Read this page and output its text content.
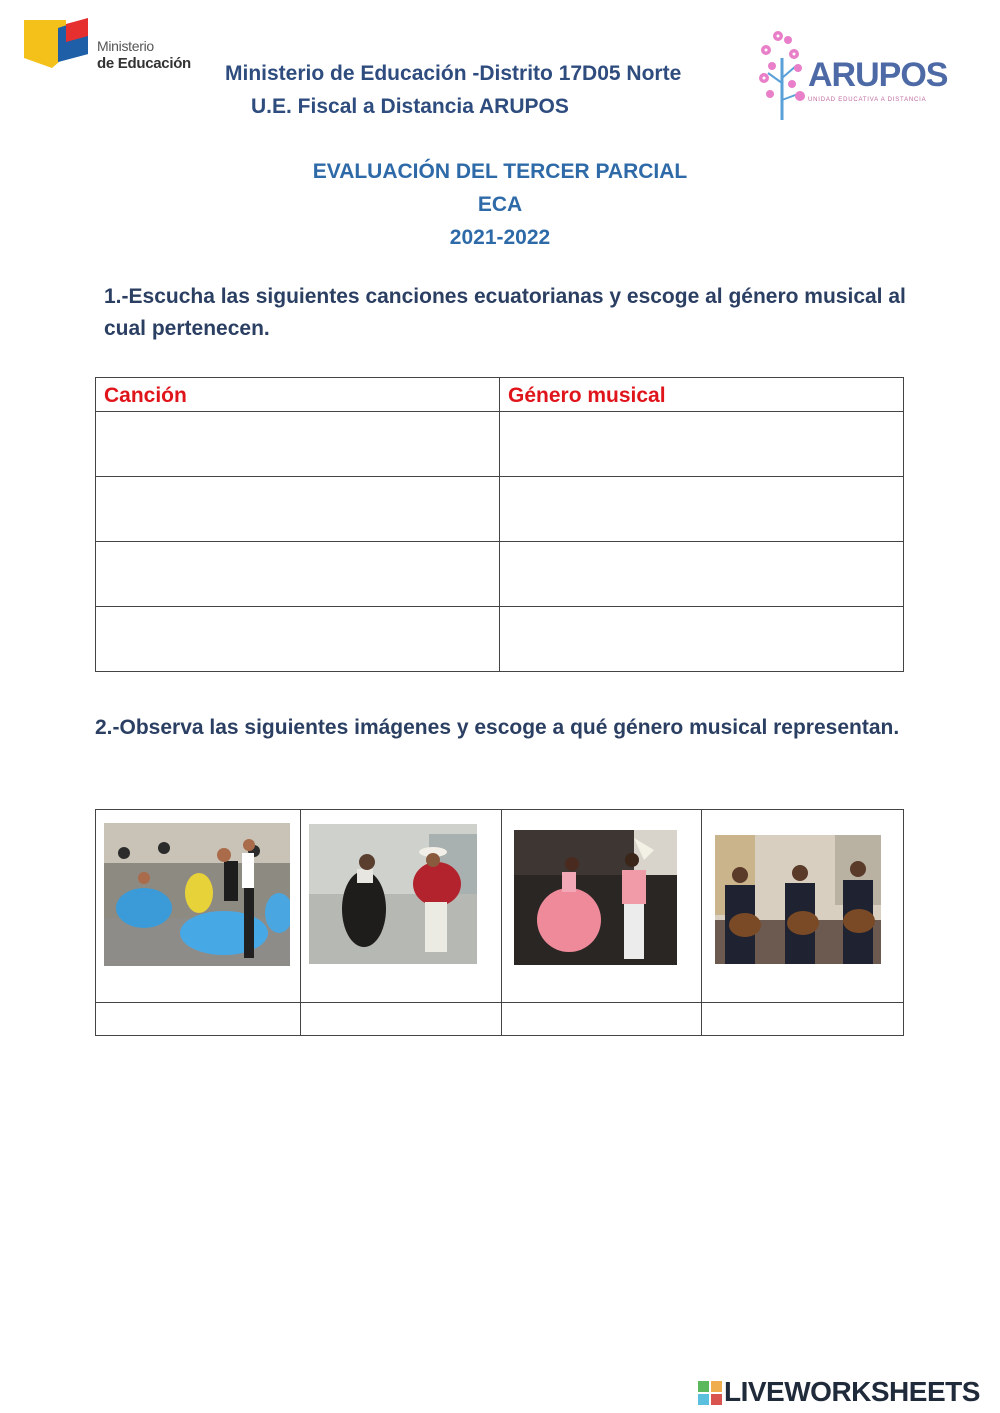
Ministerio
de Educación	ARUPOS
UNIDAD EDUCATIVA A DISTANCIA
Ministerio de Educación -Distrito 17D05 Norte
U.E. Fiscal a Distancia ARUPOS
EVALUACIÓN DEL TERCER PARCIAL
ECA
2021-2022
1.-Escucha las siguientes canciones ecuatorianas y escoge al género musical al cual pertenecen.
Canción	Género musical

2.-Observa las siguientes imágenes y escoge a qué género musical representan.

LIVEWORKSHEETS
